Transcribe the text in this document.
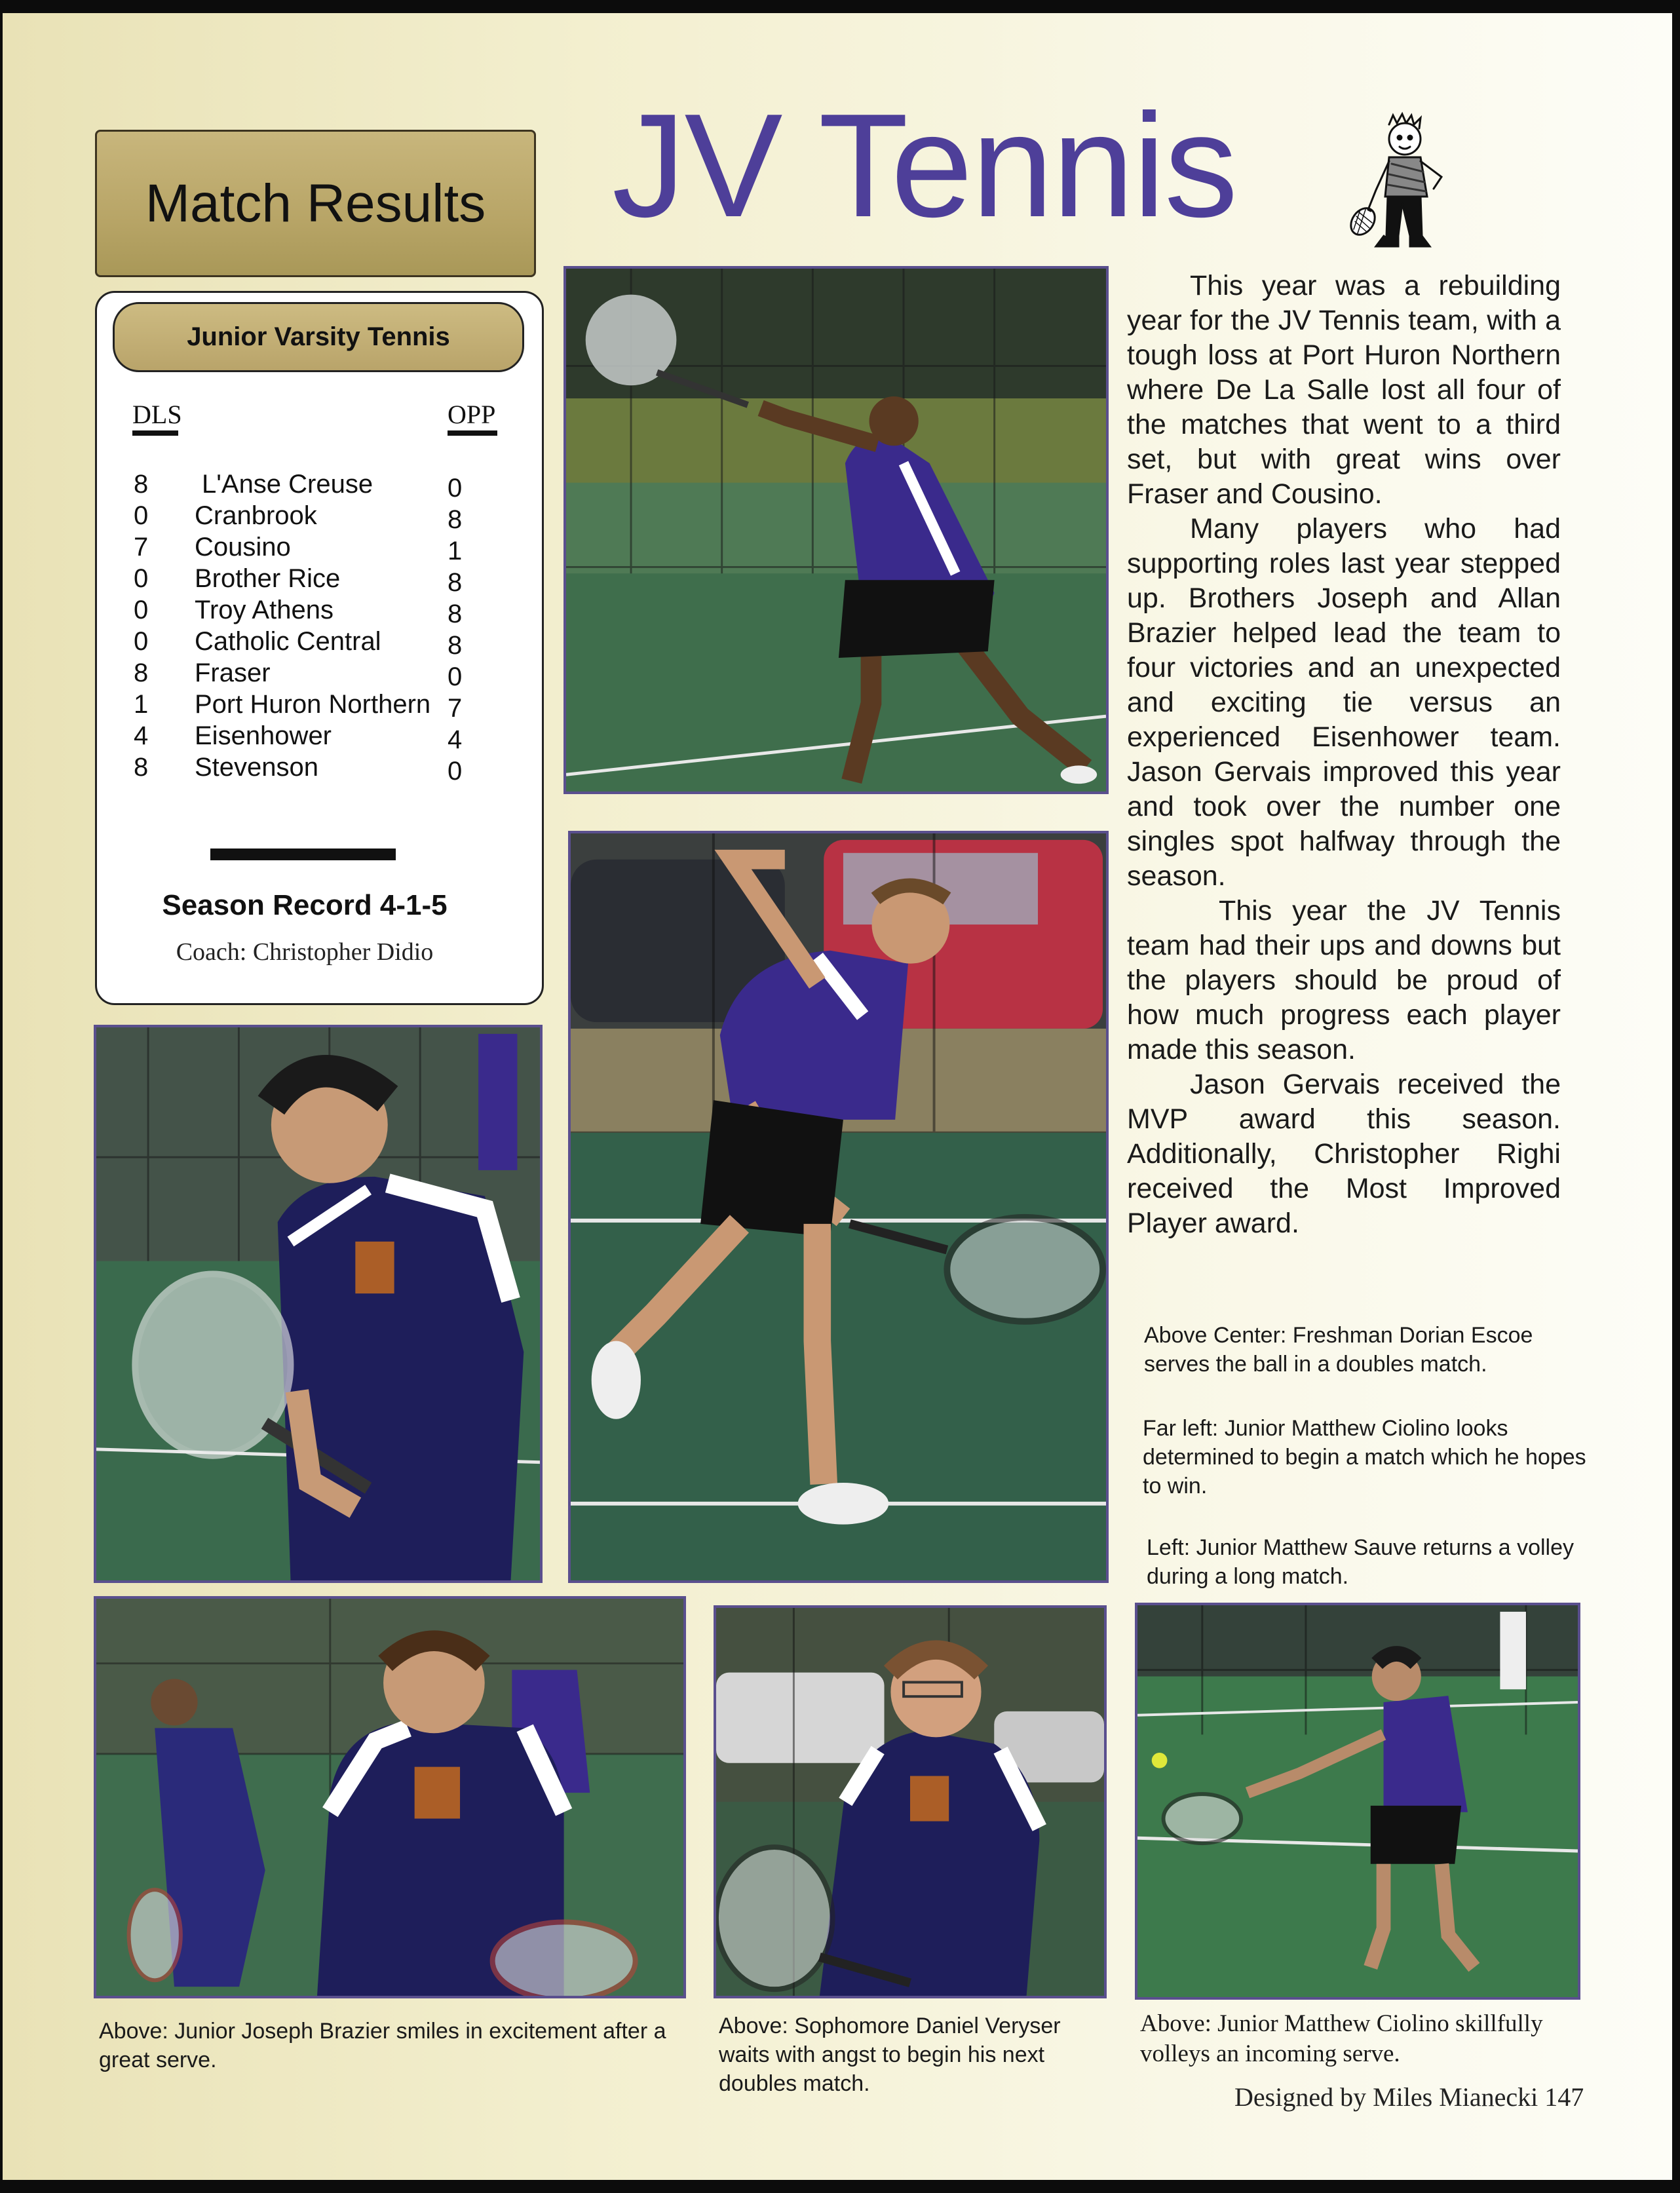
Match Results JV Tennis
Junior Varsity Tennis
DLS	OPP
8 L'Anse Creuse	0
0 Cranbrook	8
7 Cousino	1
0 Brother Rice	8
0 Troy Athens	8
0 Catholic Central	8
8 Fraser	0
1 Port Huron Northern 7
4 Eisenhower	4
8 Stevenson	0
Season Record 4-1-5
Coach: Christopher Didio

This year was a rebuilding year for the JV Tennis team, with a tough loss at Port Huron Northern where De La Salle lost all four of the matches that went to a third set, but with great wins over Fraser and Cousino.

Many players who had supporting roles last year stepped up. Brothers Joseph and Allan Brazier helped lead the team to four victories and an unexpected and exciting tie versus an experienced Eisenhower team. Jason Gervais improved this year and took over the number one singles spot halfway through the season.

This year the JV Tennis team had their ups and downs but the players should be proud of how much progress each player made this season.

Jason Gervais received the MVP award this season. Additionally, Christopher Righi received the Most Improved Player award.

Above Center: Freshman Dorian Escoe serves the ball in a doubles match.
Far left: Junior Matthew Ciolino looks determined to begin a match which he hopes to win.
Left: Junior Matthew Sauve returns a volley during a long match.
Above: Junior Joseph Brazier smiles in excitement after a great serve.
Above: Sophomore Daniel Veryser waits with angst to begin his next doubles match.
Above: Junior Matthew Ciolino skillfully volleys an incoming serve.
Designed by Miles Mianecki 147
